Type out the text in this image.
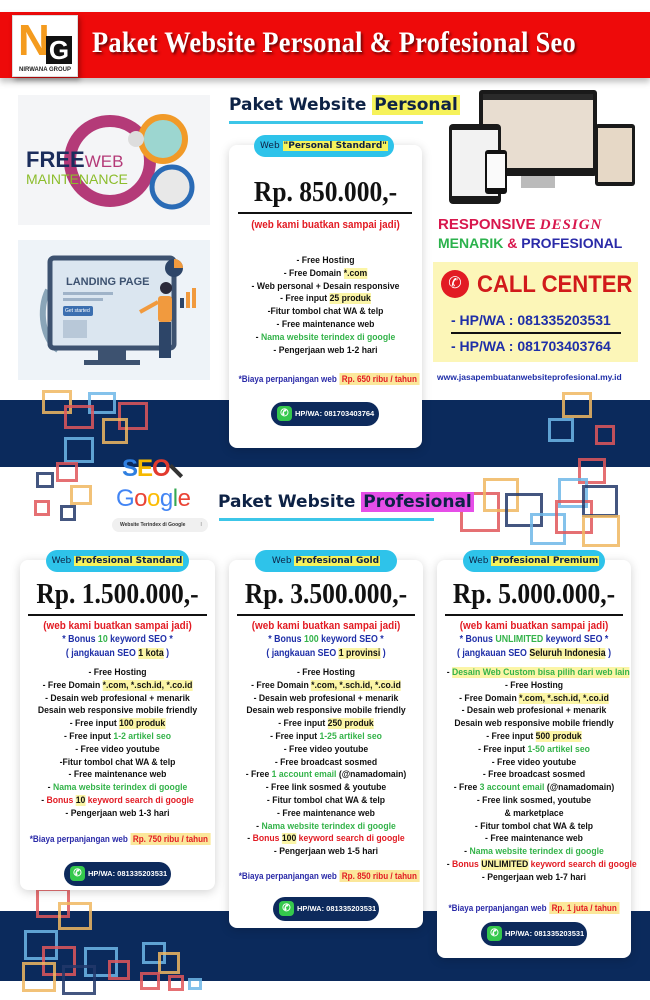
Paket Website Personal & Profesional Seo
N G
NIRWANA GROUP
FREEWEB
MAINTENANCE
LANDING PAGE
Get started
Paket Website Personal
Web "Personal Standard"
Rp. 850.000,-
(web kami buatkan sampai jadi)
- Free Hosting
- Free Domain *.com
- Web personal + Desain responsive
- Free input 25 produk
-Fitur tombol chat WA & telp
- Free maintenance web
- Nama website terindex di google
- Pengerjaan web 1-2 hari
*Biaya perpanjangan web Rp. 650 ribu / tahun
✆ HP/WA: 081703403764
RESPONSIVE DESIGN
MENARIK & PROFESIONAL
✆ CALL CENTER
- HP/WA : 081335203531
- HP/WA : 081703403764
www.jasapembuatanwebsiteprofesional.my.id
SEO
Google
Website Terindex di Google	⁞
Paket Website Profesional
Web Profesional Standard
Rp. 1.500.000,-
(web kami buatkan sampai jadi)
* Bonus 10 keyword SEO *
( jangkauan SEO 1 kota )
- Free Hosting
- Free Domain *.com, *.sch.id, *.co.id
- Desain web profesional + menarik
Desain web responsive mobile friendly
- Free input 100 produk
- Free input 1-2 artikel seo
- Free video youtube
-Fitur tombol chat WA & telp
- Free maintenance web
- Nama website terindex di google
- Bonus 10 keyword search di google
- Pengerjaan web 1-3 hari
*Biaya perpanjangan web Rp. 750 ribu / tahun
✆ HP/WA: 081335203531
Web Profesional Gold
Rp. 3.500.000,-
(web kami buatkan sampai jadi)
* Bonus 100 keyword SEO *
( jangkauan SEO 1 provinsi )
- Free Hosting
- Free Domain *.com, *.sch.id, *.co.id
- Desain web profesional + menarik
Desain web responsive mobile friendly
- Free input 250 produk
- Free input 1-25 artikel seo
- Free video youtube
- Free broadcast sosmed
- Free 1 account email (@namadomain)
- Free link sosmed & youtube
- Fitur tombol chat WA & telp
- Free maintenance web
- Nama website terindex di google
- Bonus 100 keyword search di google
- Pengerjaan web 1-5 hari
*Biaya perpanjangan web Rp. 850 ribu / tahun
✆ HP/WA: 081335203531
Web Profesional Premium
Rp. 5.000.000,-
(web kami buatkan sampai jadi)
* Bonus UNLIMITED keyword SEO *
( jangkauan SEO Seluruh Indonesia )
- Desain Web Custom bisa pilih dari web lain
- Free Hosting
- Free Domain *.com, *.sch.id, *.co.id
- Desain web profesional + menarik
Desain web responsive mobile friendly
- Free input 500 produk
- Free input 1-50 artikel seo
- Free video youtube
- Free broadcast sosmed
- Free 3 account email (@namadomain)
- Free link sosmed, youtube
& marketplace
- Fitur tombol chat WA & telp
- Free maintenance web
- Nama website terindex di google
- Bonus UNLIMITED keyword search di google
- Pengerjaan web 1-7 hari
*Biaya perpanjangan web Rp. 1 juta / tahun
✆ HP/WA: 081335203531
